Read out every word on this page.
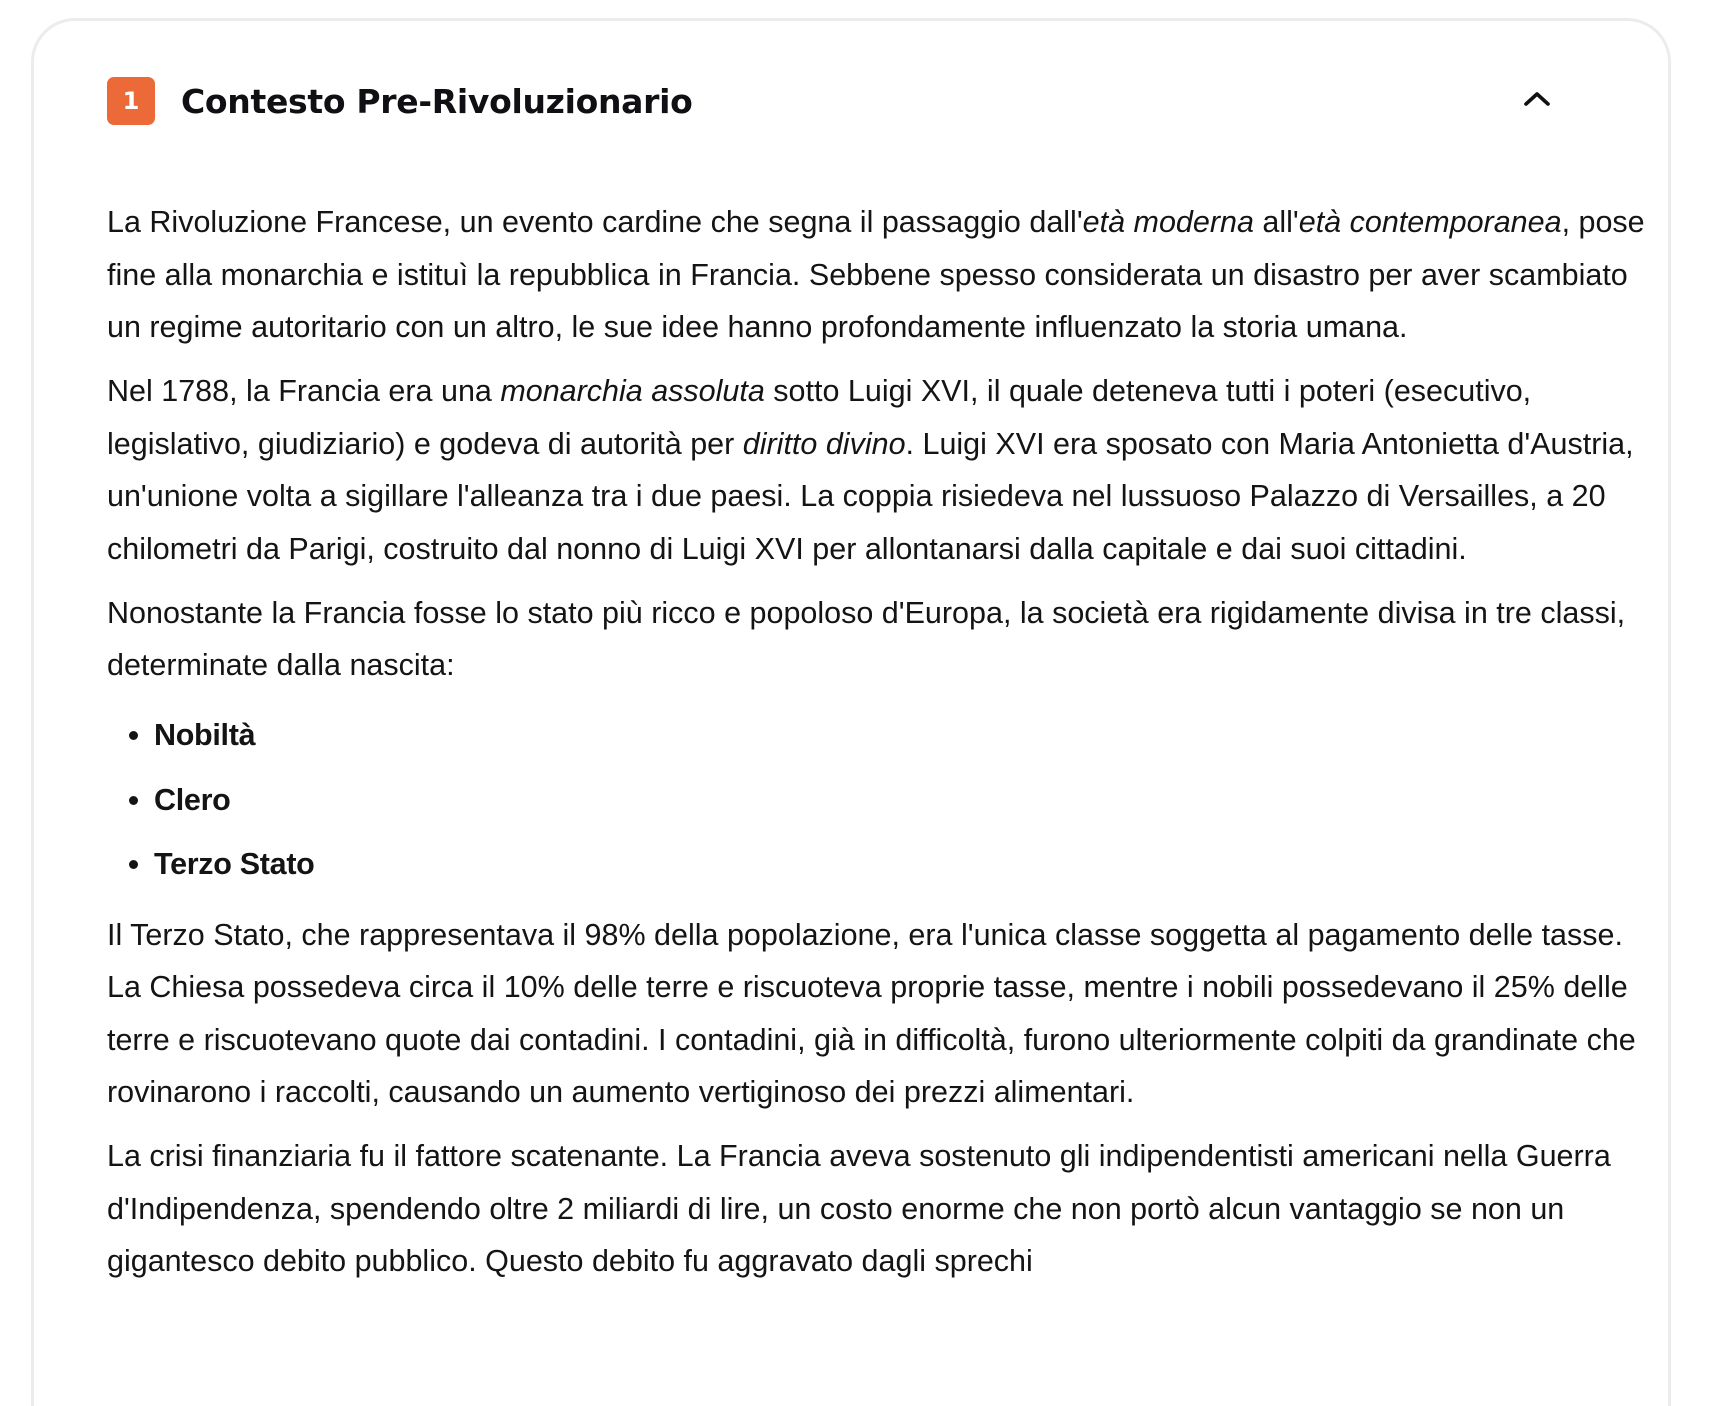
1	Contesto Pre-Rivoluzionario

La Rivoluzione Francese, un evento cardine che segna il passaggio dall'età moderna all'età contemporanea, pose fine alla monarchia e istituì la repubblica in Francia. Sebbene spesso considerata un disastro per aver scambiato un regime autoritario con un altro, le sue idee hanno profondamente influenzato la storia umana.

Nel 1788, la Francia era una monarchia assoluta sotto Luigi XVI, il quale deteneva tutti i poteri (esecutivo, legislativo, giudiziario) e godeva di autorità per diritto divino. Luigi XVI era sposato con Maria Antonietta d'Austria, un'unione volta a sigillare l'alleanza tra i due paesi. La coppia risiedeva nel lussuoso Palazzo di Versailles, a 20 chilometri da Parigi, costruito dal nonno di Luigi XVI per allontanarsi dalla capitale e dai suoi cittadini.

Nonostante la Francia fosse lo stato più ricco e popoloso d'Europa, la società era rigidamente divisa in tre classi, determinate dalla nascita:

Nobiltà
Clero
Terzo Stato

Il Terzo Stato, che rappresentava il 98% della popolazione, era l'unica classe soggetta al pagamento delle tasse. La Chiesa possedeva circa il 10% delle terre e riscuoteva proprie tasse, mentre i nobili possedevano il 25% delle terre e riscuotevano quote dai contadini. I contadini, già in difficoltà, furono ulteriormente colpiti da grandinate che rovinarono i raccolti, causando un aumento vertiginoso dei prezzi alimentari.

La crisi finanziaria fu il fattore scatenante. La Francia aveva sostenuto gli indipendentisti americani nella Guerra d'Indipendenza, spendendo oltre 2 miliardi di lire, un costo enorme che non portò alcun vantaggio se non un gigantesco debito pubblico. Questo debito fu aggravato dagli sprechi
